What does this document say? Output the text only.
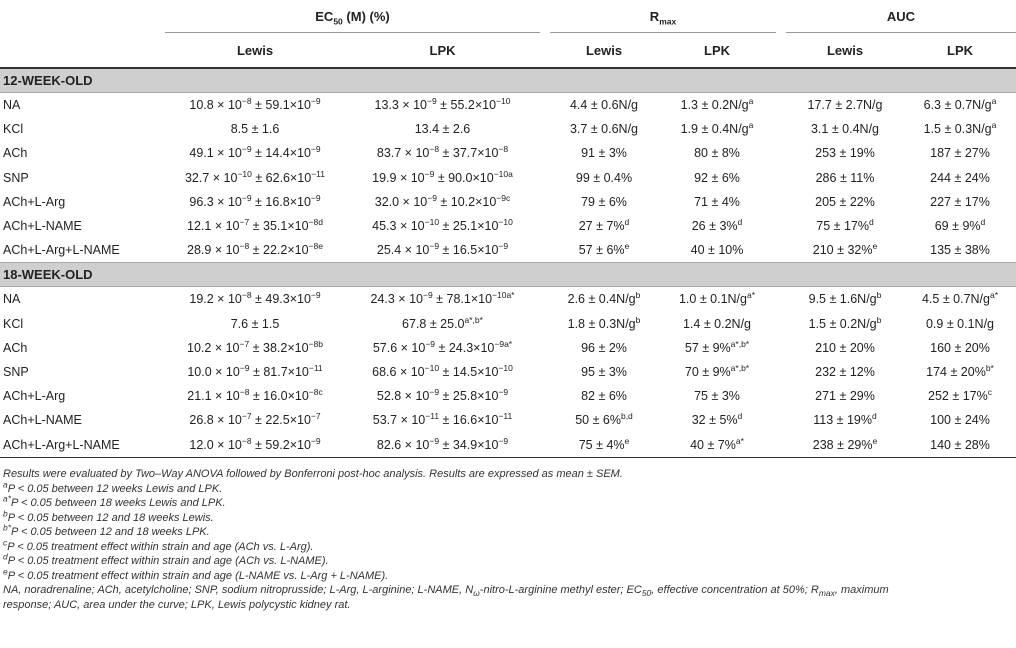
	$EC_{50}$ (M) (%)			$R_{max}$			AUC	
	Lewis	LPK		Lewis	LPK		Lewis	LPK
12-WEEK-OLD								
NA	$10.8 \times 10^{-8} \pm 59.1\times 10^{-9}$	$13.3 \times 10^{-9} \pm 55.2\times 10^{-10}$		4.4 ± 0.6N/g	$1.3 \pm 0.2N/g^a$		17.7 ± 2.7N/g	$6.3 \pm 0.7N/g^a$
KCl	8.5 ± 1.6	13.4 ± 2.6		3.7 ± 0.6N/g	$1.9 \pm 0.4N/g^a$		3.1 ± 0.4N/g	$1.5 \pm 0.3N/g^a$
ACh	$49.1 \times 10^{-9} \pm 14.4\times 10^{-9}$	$83.7 \times 10^{-8} \pm 37.7\times 10^{-8}$		91 ± 3%	80 ± 8%		253 ± 19%	187 ± 27%
SNP	$32.7 \times 10^{-10} \pm 62.6\times 10^{-11}$	$19.9 \times 10^{-9} \pm 90.0\times 10^{-10a}$		99 ± 0.4%	92 ± 6%		286 ± 11%	244 ± 24%
ACh+L-Arg	$96.3 \times 10^{-9} \pm 16.8\times 10^{-9}$	$32.0 \times 10^{-9} \pm 10.2\times 10^{-9c}$		79 ± 6%	71 ± 4%		205 ± 22%	227 ± 17%
ACh+L-NAME	$12.1 \times 10^{-7} \pm 35.1\times 10^{-8d}$	$45.3 \times 10^{-10} \pm 25.1\times 10^{-10}$		27 ± 7%$^d$	26 ± 3%$^d$		75 ± 17%$^d$	69 ± 9%$^d$
ACh+L-Arg+L-NAME	$28.9 \times 10^{-8} \pm 22.2\times 10^{-8e}$	$25.4 \times 10^{-9} \pm 16.5\times 10^{-9}$		57 ± 6%$^e$	40 ± 10%		210 ± 32%$^e$	135 ± 38%
18-WEEK-OLD								
NA	$19.2 \times 10^{-8} \pm 49.3\times 10^{-9}$	$24.3 \times 10^{-9} \pm 78.1\times 10^{-10a*}$		$2.6 \pm 0.4N/g^b$	$1.0 \pm 0.1N/g^{a*}$		$9.5 \pm 1.6N/g^b$	$4.5 \pm 0.7N/g^{a*}$
KCl	7.6 ± 1.5	$67.8 \pm 25.0^{a*,b*}$		$1.8 \pm 0.3N/g^b$	1.4 ± 0.2N/g		$1.5 \pm 0.2N/g^b$	0.9 ± 0.1N/g
ACh	$10.2 \times 10^{-7} \pm 38.2\times 10^{-8b}$	$57.6 \times 10^{-9} \pm 24.3\times 10^{-9a*}$		96 ± 2%	57 ± 9%$^{a*,b*}$		210 ± 20%	160 ± 20%
SNP	$10.0 \times 10^{-9} \pm 81.7\times 10^{-11}$	$68.6 \times 10^{-10} \pm 14.5\times 10^{-10}$		95 ± 3%	70 ± 9%$^{a*,b*}$		232 ± 12%	174 ± 20%$^{b*}$
ACh+L-Arg	$21.1 \times 10^{-8} \pm 16.0\times 10^{-8c}$	$52.8 \times 10^{-9} \pm 25.8\times 10^{-9}$		82 ± 6%	75 ± 3%		271 ± 29%	252 ± 17%$^c$
ACh+L-NAME	$26.8 \times 10^{-7} \pm 22.5\times 10^{-7}$	$53.7 \times 10^{-11} \pm 16.6\times 10^{-11}$		50 ± 6%$^{b,d}$	32 ± 5%$^d$		113 ± 19%$^d$	100 ± 24%
ACh+L-Arg+L-NAME	$12.0 \times 10^{-8} \pm 59.2\times 10^{-9}$	$82.6 \times 10^{-9} \pm 34.9\times 10^{-9}$		75 ± 4%$^e$	40 ± 7%$^{a*}$		238 ± 29%$^e$	140 ± 28%
Results were evaluated by Two–Way ANOVA followed by Bonferroni post-hoc analysis. Results are expressed as mean ± SEM.
$^a$P < 0.05 between 12 weeks Lewis and LPK.
$^{a*}$P < 0.05 between 18 weeks Lewis and LPK.
$^b$P < 0.05 between 12 and 18 weeks Lewis.
$^{b*}$P < 0.05 between 12 and 18 weeks LPK.
$^c$P < 0.05 treatment effect within strain and age (ACh vs. L-Arg).
$^d$P < 0.05 treatment effect within strain and age (ACh vs. L-NAME).
$^e$P < 0.05 treatment effect within strain and age (L-NAME vs. L-Arg + L-NAME).
NA, noradrenaline; ACh, acetylcholine; SNP, sodium nitroprusside; L-Arg, L-arginine; L-NAME, $N_\omega-nitro-L$-arginine methyl ester; $EC_{50}$, effective concentration at 50%; $R_{max}$, maximum
response; AUC, area under the curve; LPK, Lewis polycystic kidney rat.
